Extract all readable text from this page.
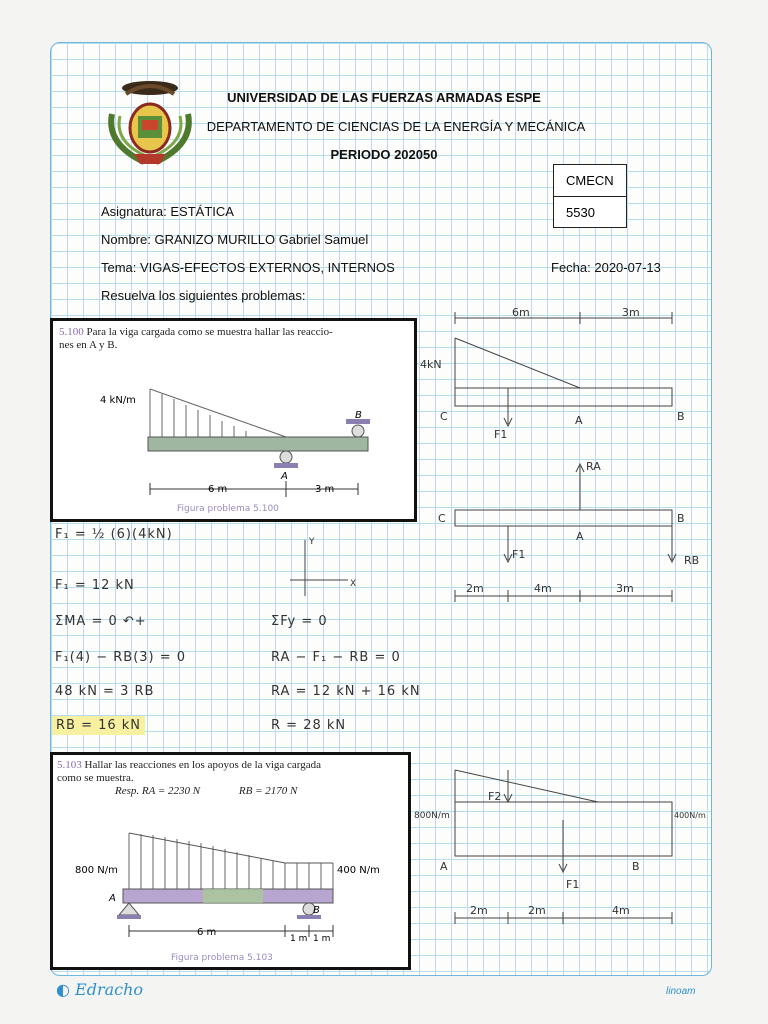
UNIVERSIDAD DE LAS FUERZAS ARMADAS ESPE
DEPARTAMENTO DE CIENCIAS DE LA ENERGÍA Y MECÁNICA
PERIODO 202050
CMECN
5530
Asignatura: ESTÁTICA
Nombre: GRANIZO MURILLO Gabriel Samuel
Tema: VIGAS-EFECTOS EXTERNOS, INTERNOS	Fecha: 2020-07-13
Resuelva los siguientes problemas:
5.100 Para la viga cargada como se muestra hallar las reaccio-
nes en A y B.
4 kN/m
A
B
6 m	3 m
Figura problema 5.100
5.103 Hallar las reacciones en los apoyos de la viga cargada
como se muestra.
Resp. RA = 2230 N	RB = 2170 N
800 N/m	400 N/m
A
B
6 m
1 m 1 m
Figura problema 5.103
F₁ = ½ (6)(4kN)
F₁ = 12 kN
ΣMA = 0 ↶+
F₁(4) − RB(3) = 0
48 kN = 3 RB
RB = 16 kN
ΣFy = 0
RA − F₁ − RB = 0
RA = 12 kN + 16 kN
R = 28 kN
6m	3m
4kN
C	A	B
F1
RA
C	B
A
F1	RB
2m	4m	3m
X
Y
800N/m	400N/m
F2
F1
A	B
2m	2m	4m
◐ Edracho	linoam
